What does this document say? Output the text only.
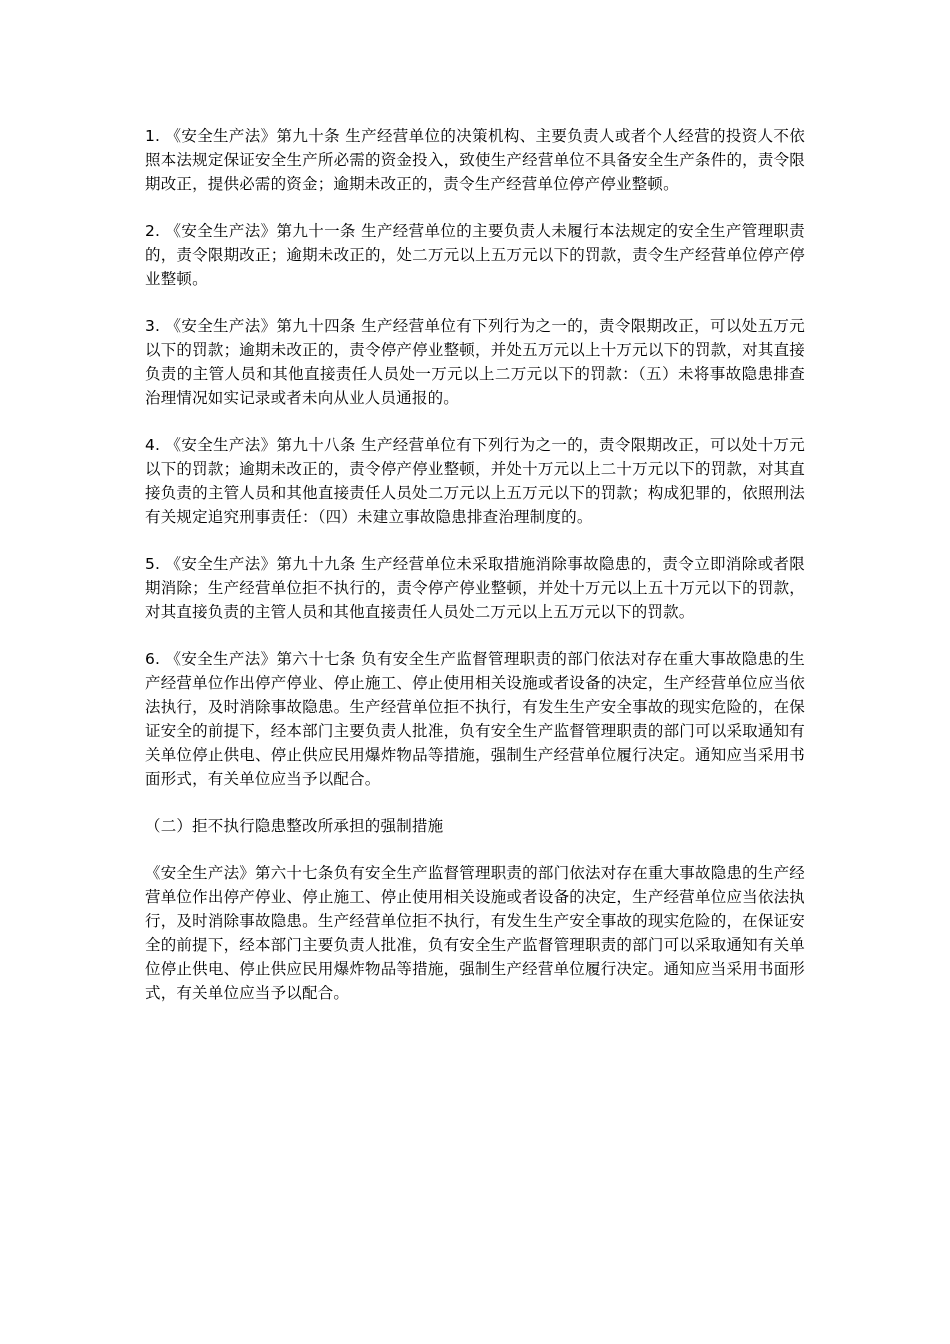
1. 《安全生产法》第九十条 生产经营单位的决策机构、主要负责人或者个人经营的投资人不依照本法规定保证安全生产所必需的资金投入，致使生产经营单位不具备安全生产条件的，责令限期改正，提供必需的资金；逾期未改正的，责令生产经营单位停产停业整顿。

2. 《安全生产法》第九十一条 生产经营单位的主要负责人未履行本法规定的安全生产管理职责的，责令限期改正；逾期未改正的，处二万元以上五万元以下的罚款，责令生产经营单位停产停业整顿。

3. 《安全生产法》第九十四条 生产经营单位有下列行为之一的，责令限期改正，可以处五万元以下的罚款；逾期未改正的，责令停产停业整顿，并处五万元以上十万元以下的罚款，对其直接负责的主管人员和其他直接责任人员处一万元以上二万元以下的罚款：（五）未将事故隐患排查治理情况如实记录或者未向从业人员通报的。

4. 《安全生产法》第九十八条 生产经营单位有下列行为之一的，责令限期改正，可以处十万元以下的罚款；逾期未改正的，责令停产停业整顿，并处十万元以上二十万元以下的罚款，对其直接负责的主管人员和其他直接责任人员处二万元以上五万元以下的罚款；构成犯罪的，依照刑法有关规定追究刑事责任：（四）未建立事故隐患排查治理制度的。

5. 《安全生产法》第九十九条 生产经营单位未采取措施消除事故隐患的，责令立即消除或者限期消除；生产经营单位拒不执行的，责令停产停业整顿，并处十万元以上五十万元以下的罚款，对其直接负责的主管人员和其他直接责任人员处二万元以上五万元以下的罚款。

6. 《安全生产法》第六十七条 负有安全生产监督管理职责的部门依法对存在重大事故隐患的生产经营单位作出停产停业、停止施工、停止使用相关设施或者设备的决定，生产经营单位应当依法执行，及时消除事故隐患。生产经营单位拒不执行，有发生生产安全事故的现实危险的，在保证安全的前提下，经本部门主要负责人批准，负有安全生产监督管理职责的部门可以采取通知有关单位停止供电、停止供应民用爆炸物品等措施，强制生产经营单位履行决定。通知应当采用书面形式，有关单位应当予以配合。

（二）拒不执行隐患整改所承担的强制措施

《安全生产法》第六十七条负有安全生产监督管理职责的部门依法对存在重大事故隐患的生产经营单位作出停产停业、停止施工、停止使用相关设施或者设备的决定，生产经营单位应当依法执行，及时消除事故隐患。生产经营单位拒不执行，有发生生产安全事故的现实危险的，在保证安全的前提下，经本部门主要负责人批准，负有安全生产监督管理职责的部门可以采取通知有关单位停止供电、停止供应民用爆炸物品等措施，强制生产经营单位履行决定。通知应当采用书面形式，有关单位应当予以配合。
